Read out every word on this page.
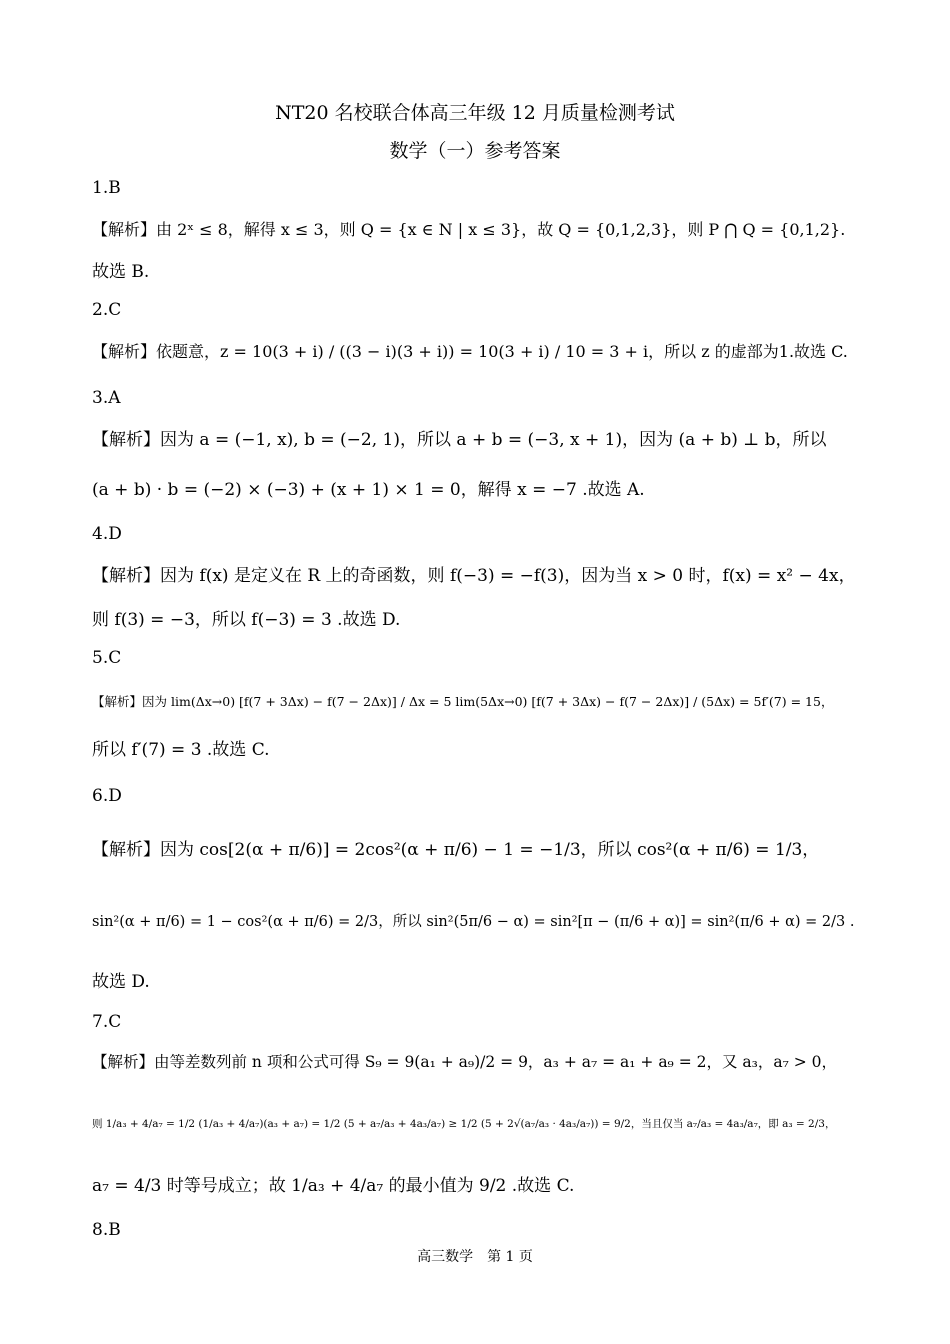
NT20 名校联合体高三年级 12 月质量检测考试
数学（一）参考答案
1.B
【解析】由 2ˣ ≤ 8，解得 x ≤ 3，则 Q = {x ∈ N | x ≤ 3}，故 Q = {0,1,2,3}，则 P ⋂ Q = {0,1,2}.
故选 B.
2.C
【解析】依题意，z = 10(3 + i) / ((3 − i)(3 + i)) = 10(3 + i) / 10 = 3 + i，所以 z 的虚部为1.故选 C.
3.A
【解析】因为 a = (−1, x), b = (−2, 1)，所以 a + b = (−3, x + 1)，因为 (a + b) ⊥ b，所以
(a + b) · b = (−2) × (−3) + (x + 1) × 1 = 0，解得 x = −7 .故选 A.
4.D
【解析】因为 f(x) 是定义在 R 上的奇函数，则 f(−3) = −f(3)，因为当 x > 0 时，f(x) = x² − 4x，
则 f(3) = −3，所以 f(−3) = 3 .故选 D.
5.C
【解析】因为 lim(Δx→0) [f(7 + 3Δx) − f(7 − 2Δx)] / Δx = 5 lim(5Δx→0) [f(7 + 3Δx) − f(7 − 2Δx)] / (5Δx) = 5f′(7) = 15，
所以 f′(7) = 3 .故选 C.
6.D
【解析】因为 cos[2(α + π/6)] = 2cos²(α + π/6) − 1 = −1/3，所以 cos²(α + π/6) = 1/3，
sin²(α + π/6) = 1 − cos²(α + π/6) = 2/3，所以 sin²(5π/6 − α) = sin²[π − (π/6 + α)] = sin²(π/6 + α) = 2/3 .
故选 D.
7.C
【解析】由等差数列前 n 项和公式可得 S₉ = 9(a₁ + a₉)/2 = 9，a₃ + a₇ = a₁ + a₉ = 2，又 a₃，a₇ > 0，
则 1/a₃ + 4/a₇ = 1/2 (1/a₃ + 4/a₇)(a₃ + a₇) = 1/2 (5 + a₇/a₃ + 4a₃/a₇) ≥ 1/2 (5 + 2√(a₇/a₃ · 4a₃/a₇)) = 9/2，当且仅当 a₇/a₃ = 4a₃/a₇，即 a₃ = 2/3，
a₇ = 4/3 时等号成立；故 1/a₃ + 4/a₇ 的最小值为 9/2 .故选 C.
8.B
高三数学　第 1 页
